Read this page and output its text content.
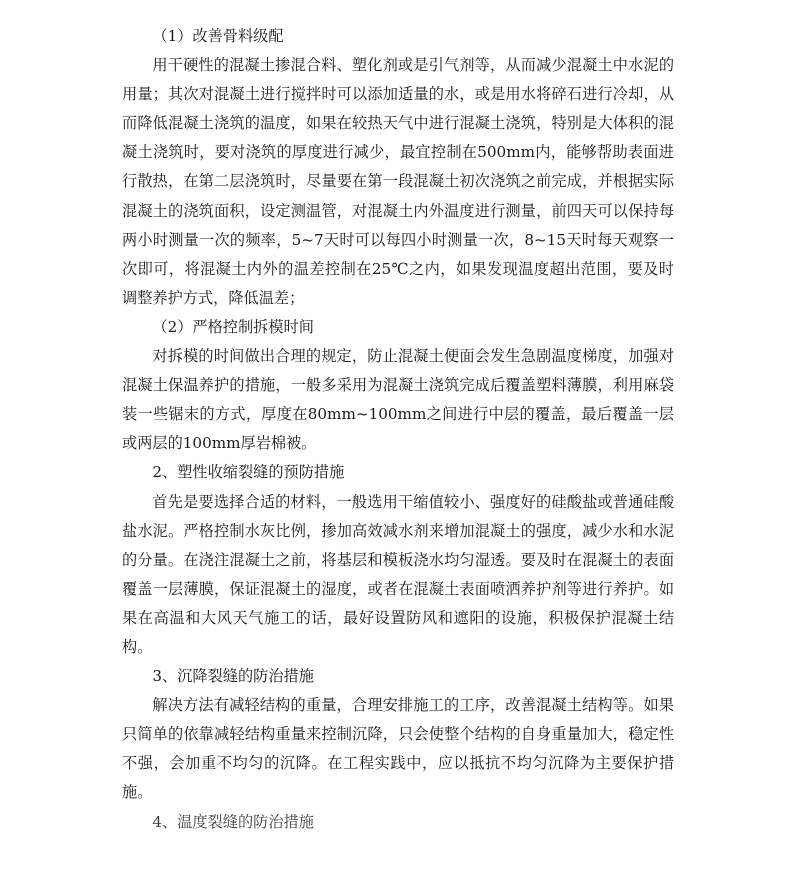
（1）改善骨料级配

用干硬性的混凝土掺混合料、塑化剂或是引气剂等，从而减少混凝土中水泥的用量；其次对混凝土进行搅拌时可以添加适量的水，或是用水将碎石进行冷却，从而降低混凝土浇筑的温度，如果在较热天气中进行混凝土浇筑，特别是大体积的混凝土浇筑时，要对浇筑的厚度进行减少，最宜控制在500mm内，能够帮助表面进行散热，在第二层浇筑时，尽量要在第一段混凝土初次浇筑之前完成，并根据实际混凝土的浇筑面积，设定测温管，对混凝土内外温度进行测量，前四天可以保持每两小时测量一次的频率，5~7天时可以每四小时测量一次，8~15天时每天观察一次即可，将混凝土内外的温差控制在25℃之内，如果发现温度超出范围，要及时调整养护方式，降低温差；

（2）严格控制拆模时间

对拆模的时间做出合理的规定，防止混凝土便面会发生急剧温度梯度，加强对混凝土保温养护的措施，一般多采用为混凝土浇筑完成后覆盖塑料薄膜，利用麻袋装一些锯末的方式，厚度在80mm~100mm之间进行中层的覆盖，最后覆盖一层或两层的100mm厚岩棉被。

2、塑性收缩裂缝的预防措施

首先是要选择合适的材料，一般选用干缩值较小、强度好的硅酸盐或普通硅酸盐水泥。严格控制水灰比例，掺加高效减水剂来增加混凝土的强度，减少水和水泥的分量。在浇注混凝土之前，将基层和模板浇水均匀湿透。要及时在混凝土的表面覆盖一层薄膜，保证混凝土的湿度，或者在混凝土表面喷洒养护剂等进行养护。如果在高温和大风天气施工的话，最好设置防风和遮阳的设施，积极保护混凝土结构。

3、沉降裂缝的防治措施

解决方法有减轻结构的重量，合理安排施工的工序，改善混凝土结构等。如果只简单的依靠减轻结构重量来控制沉降，只会使整个结构的自身重量加大，稳定性不强，会加重不均匀的沉降。在工程实践中，应以抵抗不均匀沉降为主要保护措施。

4、温度裂缝的防治措施
